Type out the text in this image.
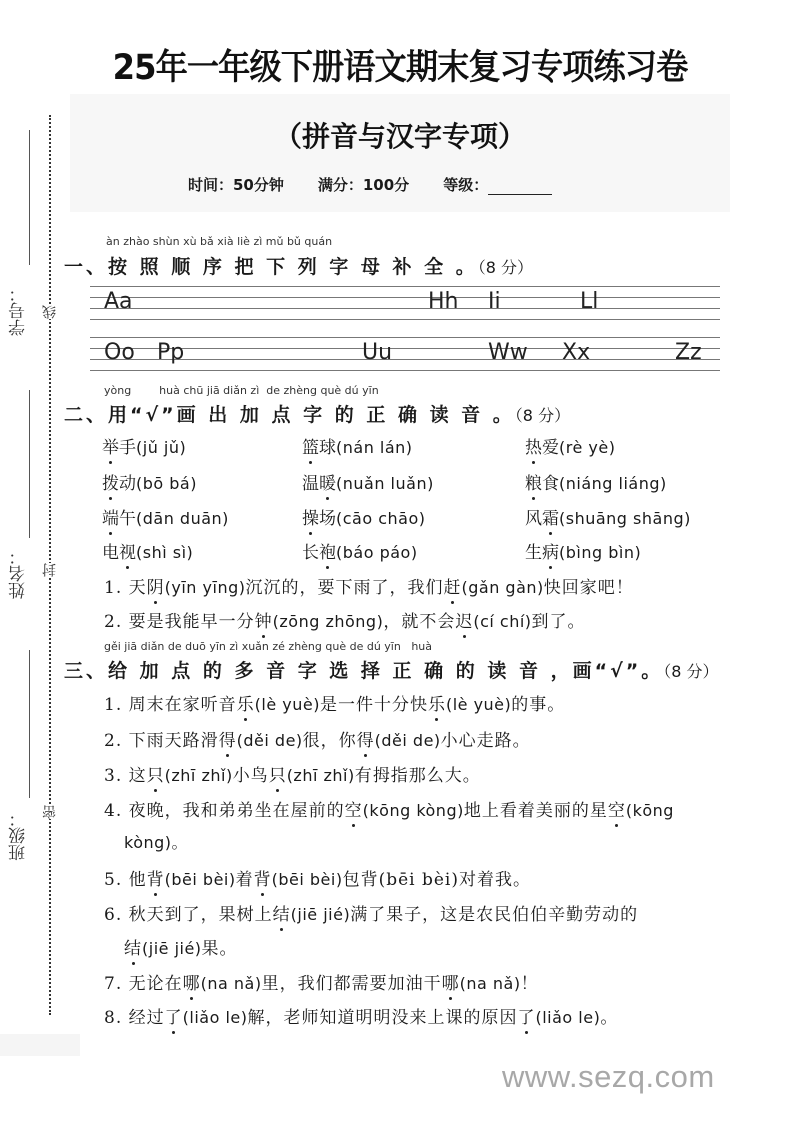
25年一年级下册语文期末复习专项练习卷
（拼音与汉字专项）
时间：50分钟 满分：100分 等级：
学号：
姓名：
班级：
线
封
密
àn zhào shùn xù bǎ xià liè zì mǔ bǔ quán
一、按 照 顺 序 把 下 列 字 母 补 全 。（8 分）
Aa	Hh Ii	Ll
Oo Pp	Uu	Ww Xx	Zz
yòng        huà chū jiā diǎn zì  de zhèng què dú yīn
二、用“√”画 出 加 点 字 的 正 确 读 音 。（8 分）
举手(jǔ jǔ)	篮球(nán lán)	热爱(rè yè)
拨动(bō bá)	温暖(nuǎn luǎn)	粮食(niáng liáng)
端午(dān duān)	操场(cāo chāo)	风霜(shuāng shāng)
电视(shì sì)	长袍(báo páo)	生病(bìng bìn)
1. 天阴(yīn yīng)沉沉的，要下雨了，我们赶(gǎn gàn)快回家吧！
2. 要是我能早一分钟(zōng zhōng)，就不会迟(cí chí)到了。
gěi jiā diǎn de duō yīn zì xuǎn zé zhèng què de dú yīn   huà
三、给 加 点 的 多 音 字 选 择 正 确 的 读 音 ，画“√”。（8 分）
1. 周末在家听音乐(lè yuè)是一件十分快乐(lè yuè)的事。
2. 下雨天路滑得(děi de)很，你得(děi de)小心走路。
3. 这只(zhī zhǐ)小鸟只(zhī zhǐ)有拇指那么大。
4. 夜晚，我和弟弟坐在屋前的空(kōng kòng)地上看着美丽的星空(kōng
kòng)。
5. 他背(bēi bèi)着背(bēi bèi)包背(bēi bèi)对着我。
6. 秋天到了，果树上结(jiē jié)满了果子，这是农民伯伯辛勤劳动的
结(jiē jié)果。
7. 无论在哪(na nǎ)里，我们都需要加油干哪(na nǎ)！
8. 经过了(liǎo le)解，老师知道明明没来上课的原因了(liǎo le)。
www.sezq.com
